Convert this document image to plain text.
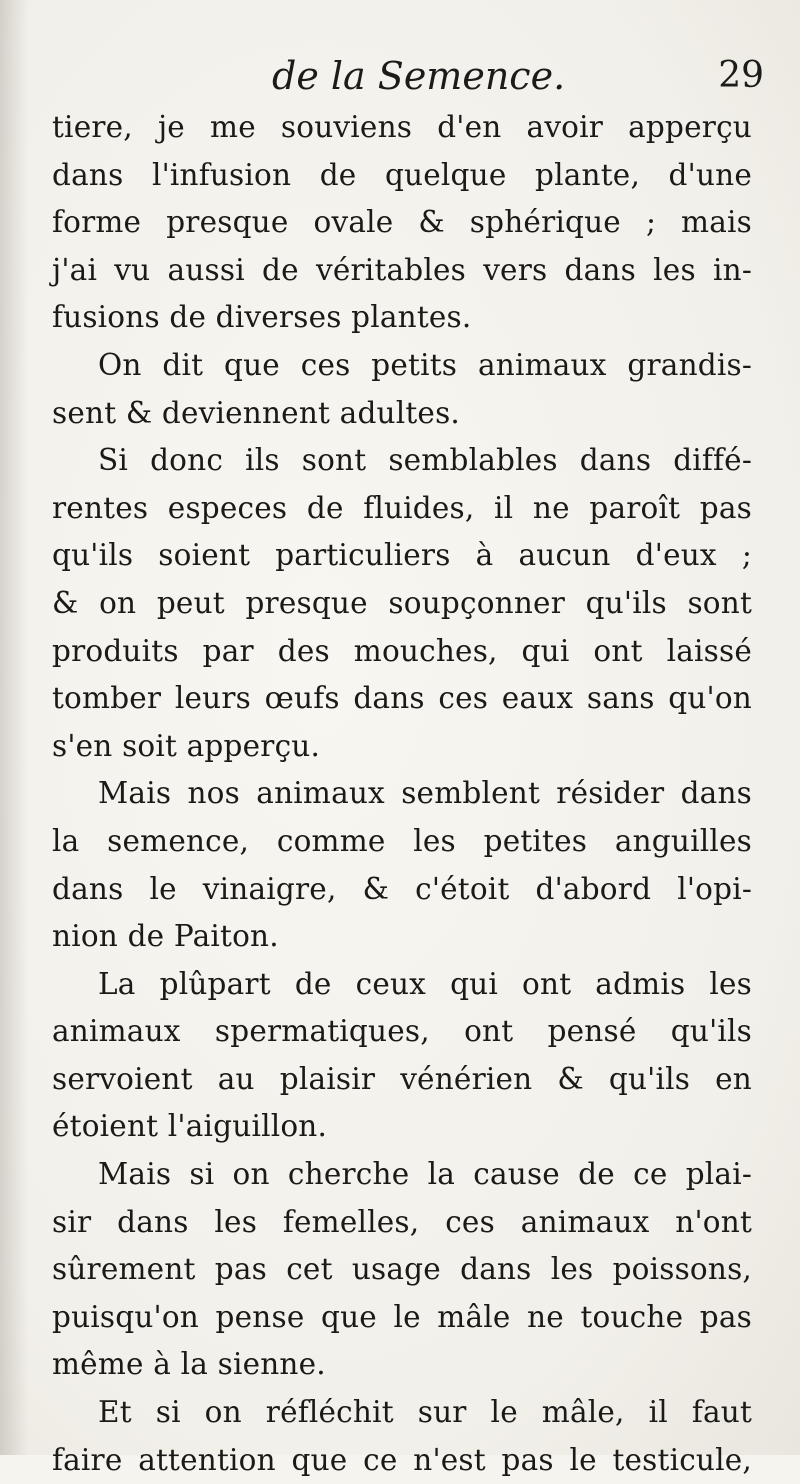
de la Semence.	29
tiere, je me souviens d'en avoir apperçu
dans l'infusion de quelque plante, d'une
forme presque ovale & sphérique ; mais
j'ai vu aussi de véritables vers dans les in-
fusions de diverses plantes.
On dit que ces petits animaux grandis-
sent & deviennent adultes.
Si donc ils sont semblables dans diffé-
rentes especes de fluides, il ne paroît pas
qu'ils soient particuliers à aucun d'eux ;
& on peut presque soupçonner qu'ils sont
produits par des mouches, qui ont laissé
tomber leurs œufs dans ces eaux sans qu'on
s'en soit apperçu.
Mais nos animaux semblent résider dans
la semence, comme les petites anguilles
dans le vinaigre, & c'étoit d'abord l'opi-
nion de Paiton.
La plûpart de ceux qui ont admis les
animaux spermatiques, ont pensé qu'ils
servoient au plaisir vénérien & qu'ils en
étoient l'aiguillon.
Mais si on cherche la cause de ce plai-
sir dans les femelles, ces animaux n'ont
sûrement pas cet usage dans les poissons,
puisqu'on pense que le mâle ne touche pas
même à la sienne.
Et si on réfléchit sur le mâle, il faut
faire attention que ce n'est pas le testicule,
